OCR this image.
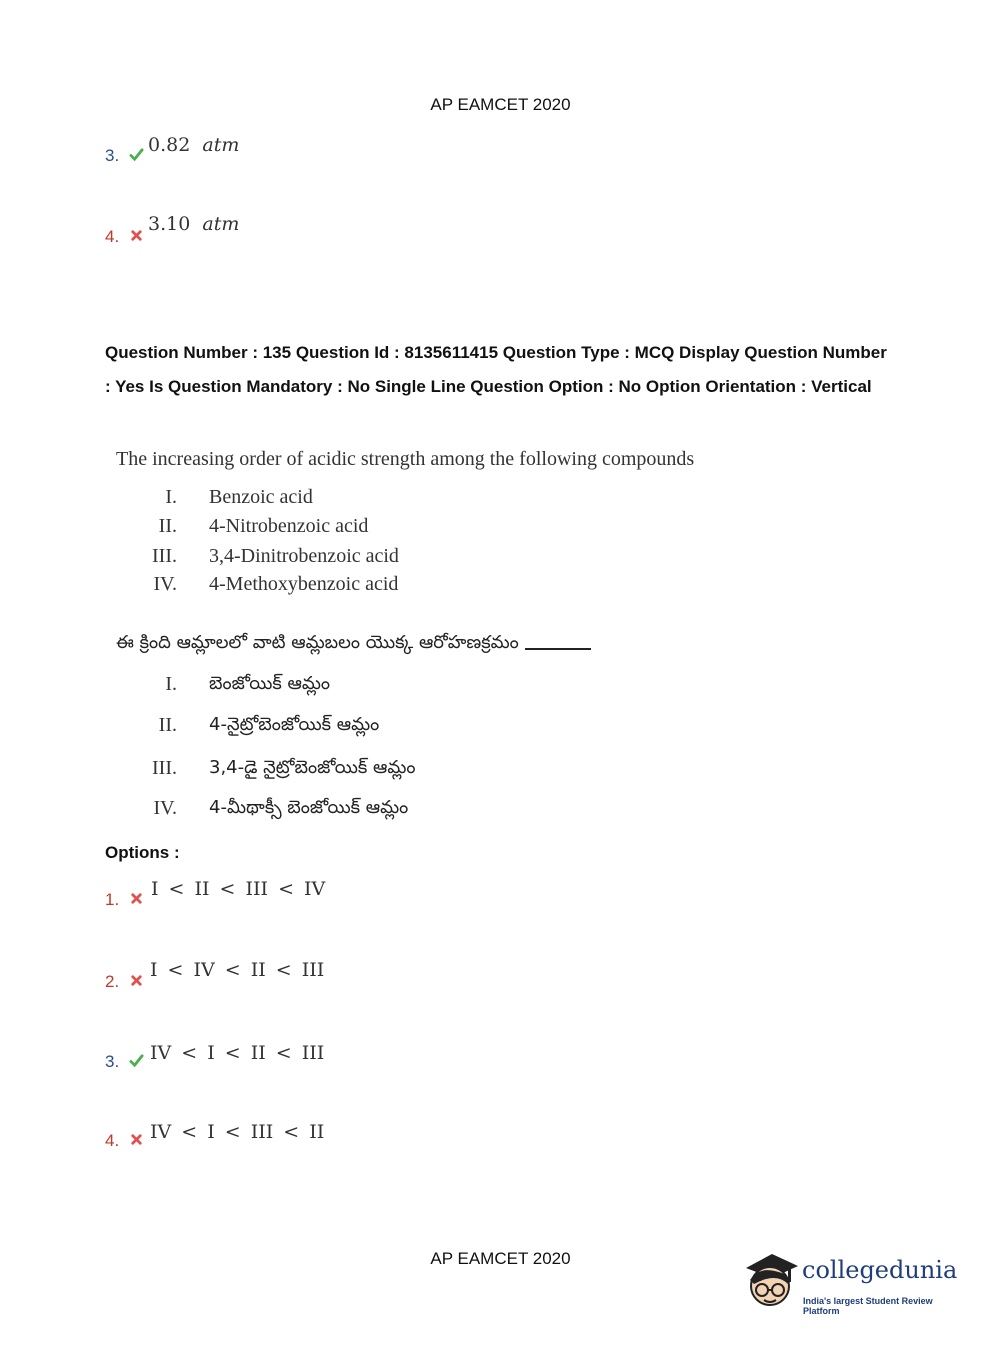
AP EAMCET 2020
3. 0.82 atm
4.
3.10 atm
Question Number : 135 Question Id : 8135611415 Question Type : MCQ Display Question Number : Yes Is Question Mandatory : No Single Line Question Option : No Option Orientation : Vertical
The increasing order of acidic strength among the following compounds
I. Benzoic acid
II. 4-Nitrobenzoic acid
III. 3,4-Dinitrobenzoic acid
IV. 4-Methoxybenzoic acid
ఈ క్రింది ఆమ్లాలలో వాటి ఆమ్లబలం యొక్క ఆరోహణక్రమం
I. బెంజోయిక్ ఆమ్లం
II. 4-నైట్రోబెంజోయిక్ ఆమ్లం
III. 3,4-డై నైట్రోబెంజోయిక్ ఆమ్లం
IV. 4-మీథాక్సీ బెంజోయిక్ ఆమ్లం
Options :
1. I < II < III < IV
2.
I < IV < II < III
3. IV < I < II < III
4. IV < I < III < II
AP EAMCET 2020	collegedunia
India's largest Student Review Platform
